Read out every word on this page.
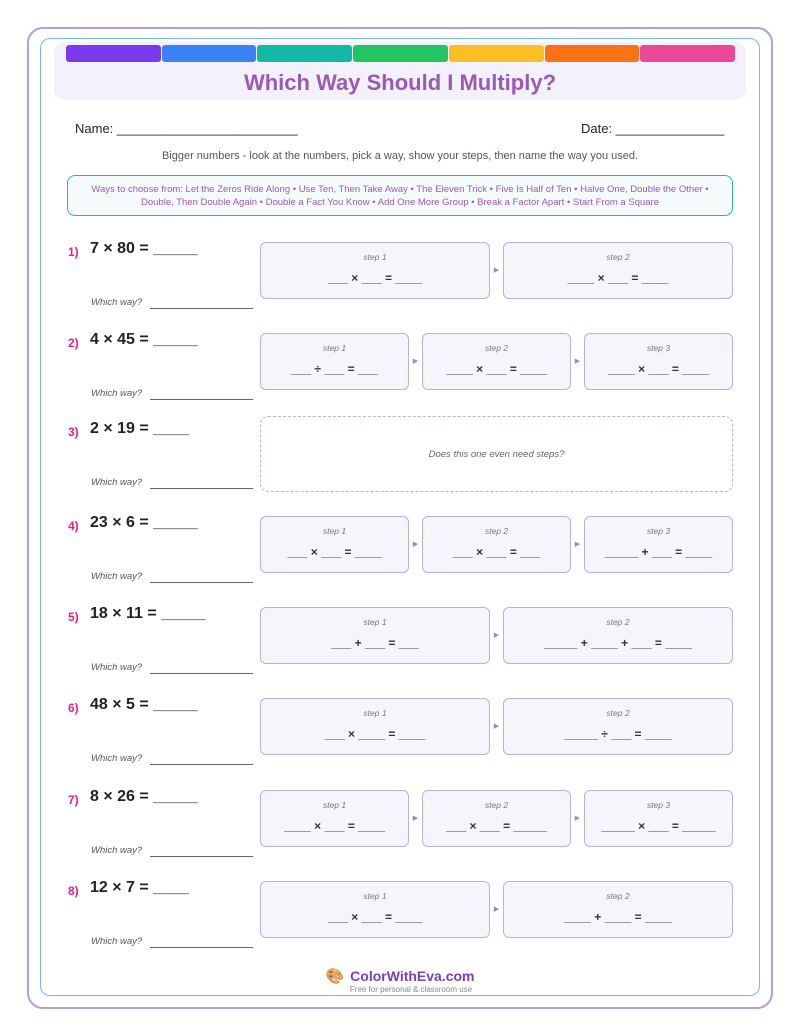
Which Way Should I Multiply?
Name: _________________________	Date: _______________
Bigger numbers - look at the numbers, pick a way, show your steps, then name the way you used.
Ways to choose from: Let the Zeros Ride Along • Use Ten, Then Take Away • The Eleven Trick • Five Is Half of Ten • Halve One, Double the Other • Double, Then Double Again • Double a Fact You Know • Add One More Group • Break a Factor Apart • Start From a Square
1) 7 × 80 = _____
Which way?
step 1
___ × ___ = ____
▶
step 2
____ × ___ = ____
2) 4 × 45 = _____
Which way?
step 1
___ ÷ ___ = ___
▶
step 2
____ × ___ = ____
▶
step 3
____ × ___ = ____
3) 2 × 19 = ____
Which way?
Does this one even need steps?
4) 23 × 6 = _____
Which way?
step 1
___ × ___ = ____
▶
step 2
___ × ___ = ___
▶
step 3
_____ + ___ = ____
5) 18 × 11 = _____
Which way?
step 1
___ + ___ = ___
▶
step 2
_____ + ____ + ___ = ____
6) 48 × 5 = _____
Which way?
step 1
___ × ____ = ____
▶
step 2
_____ ÷ ___ = ____
7) 8 × 26 = _____
Which way?
step 1
____ × ___ = ____
▶
step 2
___ × ___ = _____
▶
step 3
_____ × ___ = _____
8) 12 × 7 = ____
Which way?
step 1
___ × ___ = ____
▶
step 2
____ + ____ = ____
🎨 ColorWithEva.com
Free for personal & classroom use
